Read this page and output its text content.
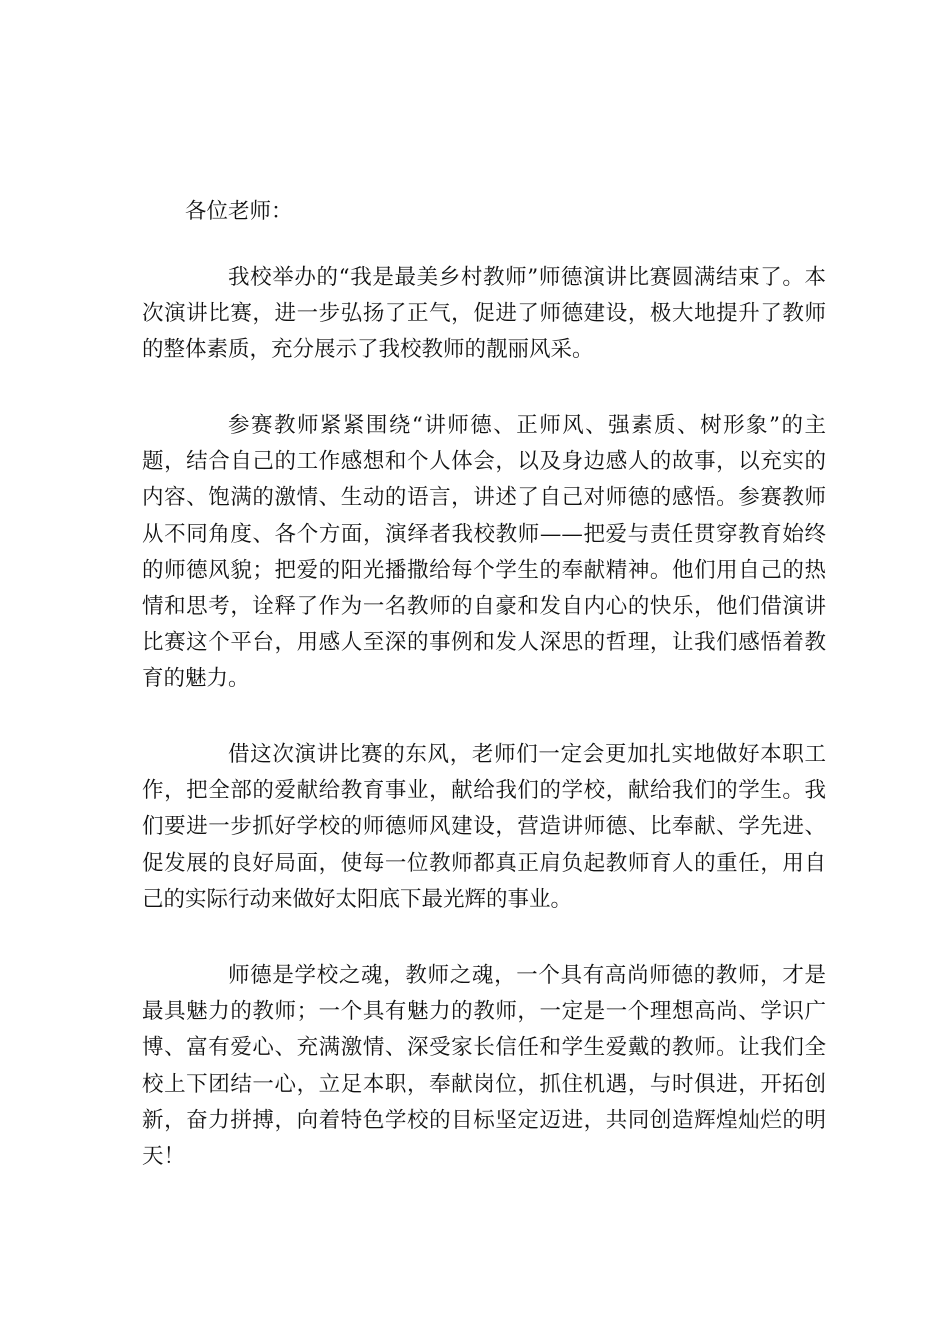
各位老师：

我校举办的“我是最美乡村教师”师德演讲比赛圆满结束了。本次演讲比赛，进一步弘扬了正气，促进了师德建设，极大地提升了教师的整体素质，充分展示了我校教师的靓丽风采。

参赛教师紧紧围绕“讲师德、正师风、强素质、树形象”的主题，结合自己的工作感想和个人体会，以及身边感人的故事，以充实的内容、饱满的激情、生动的语言，讲述了自己对师德的感悟。参赛教师从不同角度、各个方面，演绎者我校教师——把爱与责任贯穿教育始终的师德风貌；把爱的阳光播撒给每个学生的奉献精神。他们用自己的热情和思考，诠释了作为一名教师的自豪和发自内心的快乐，他们借演讲比赛这个平台，用感人至深的事例和发人深思的哲理，让我们感悟着教育的魅力。

借这次演讲比赛的东风，老师们一定会更加扎实地做好本职工作，把全部的爱献给教育事业，献给我们的学校，献给我们的学生。我们要进一步抓好学校的师德师风建设，营造讲师德、比奉献、学先进、促发展的良好局面，使每一位教师都真正肩负起教师育人的重任，用自己的实际行动来做好太阳底下最光辉的事业。

师德是学校之魂，教师之魂，一个具有高尚师德的教师，才是最具魅力的教师；一个具有魅力的教师，一定是一个理想高尚、学识广博、富有爱心、充满激情、深受家长信任和学生爱戴的教师。让我们全校上下团结一心，立足本职，奉献岗位，抓住机遇，与时俱进，开拓创新，奋力拼搏，向着特色学校的目标坚定迈进，共同创造辉煌灿烂的明天！
